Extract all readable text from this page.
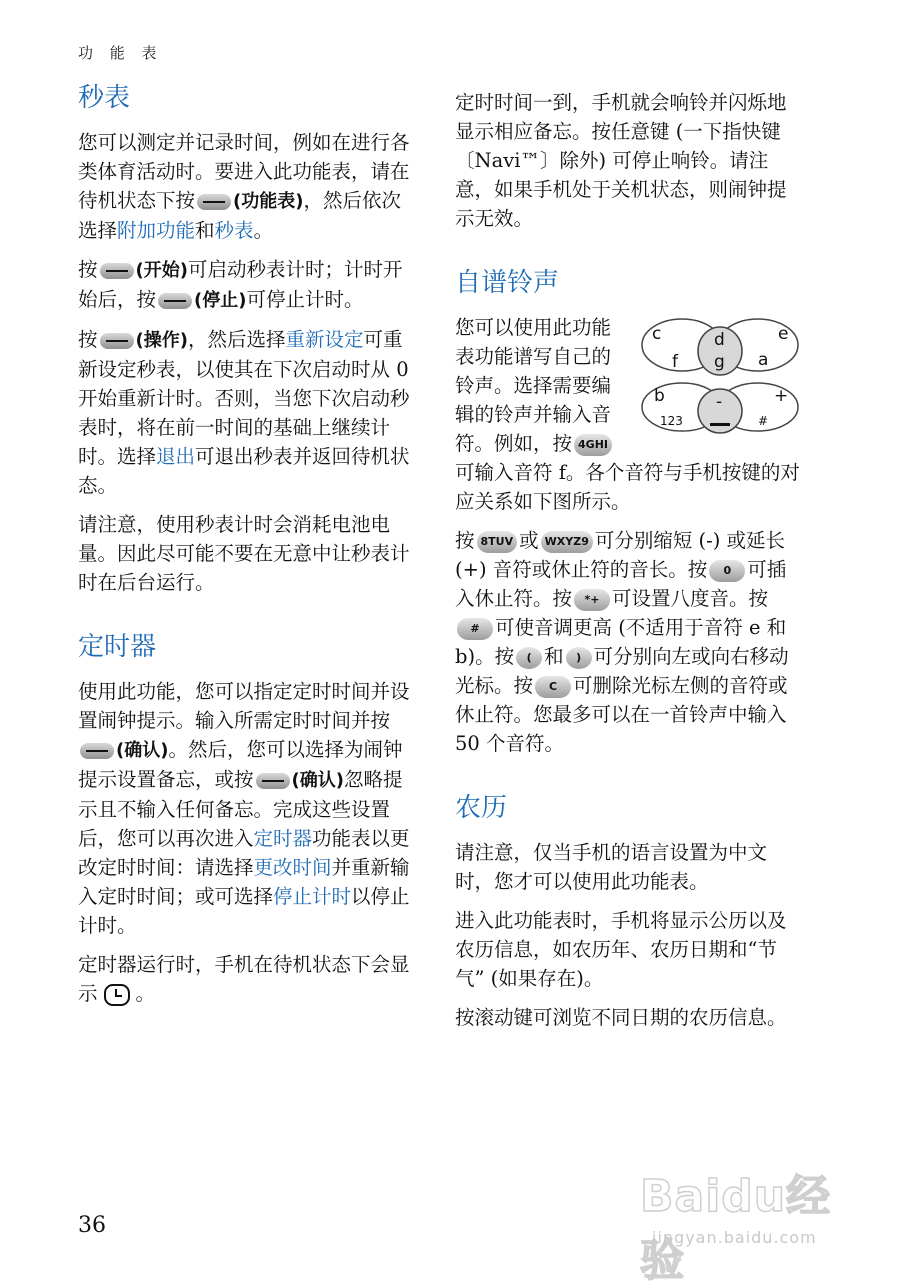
功 能 表
秒表

您可以测定并记录时间，例如在进行各类体育活动时。要进入此功能表，请在待机状态下按 (功能表)，然后依次选择附加功能和秒表。

按 (开始)可启动秒表计时；计时开始后，按 (停止)可停止计时。

按 (操作)，然后选择重新设定可重新设定秒表，以使其在下次启动时从 0 开始重新计时。否则，当您下次启动秒表时，将在前一时间的基础上继续计时。选择退出可退出秒表并返回待机状态。

请注意，使用秒表计时会消耗电池电量。因此尽可能不要在无意中让秒表计时在后台运行。

定时器

使用此功能，您可以指定定时时间并设置闹钟提示。输入所需定时时间并按(确认)。然后，您可以选择为闹钟提示设置备忘，或按 (确认)忽略提示且不输入任何备忘。完成这些设置后，您可以再次进入定时器功能表以更改定时时间：请选择更改时间并重新输入定时时间；或可选择停止计时以停止计时。

定时器运行时，手机在待机状态下会显示 。

定时时间一到，手机就会响铃并闪烁地显示相应备忘。按任意键 (一下指快键〔Navi™〕除外) 可停止响铃。请注意，如果手机处于关机状态，则闹钟提示无效。

自谱铃声
c	e
d
f g a
b	+
-
123	#

您可以使用此功能表功能谱写自己的铃声。选择需要编辑的铃声并输入音符。例如，按 4GHI可输入音符 f。各个音符与手机按键的对应关系如下图所示。

按 8TUV 或 WXYZ9 可分别缩短 (-) 或延长 (+) 音符或休止符的音长。按 0 可插入休止符。按 *+ 可设置八度音。按# 可使音调更高 (不适用于音符 e 和 b)。按 ( 和 ) 可分别向左或向右移动光标。按 C 可删除光标左侧的音符或休止符。您最多可以在一首铃声中输入 50 个音符。

农历

请注意，仅当手机的语言设置为中文时，您才可以使用此功能表。

进入此功能表时，手机将显示公历以及农历信息，如农历年、农历日期和“节气” (如果存在)。

按滚动键可浏览不同日期的农历信息。

36
Baidu经验
jingyan.baidu.com
